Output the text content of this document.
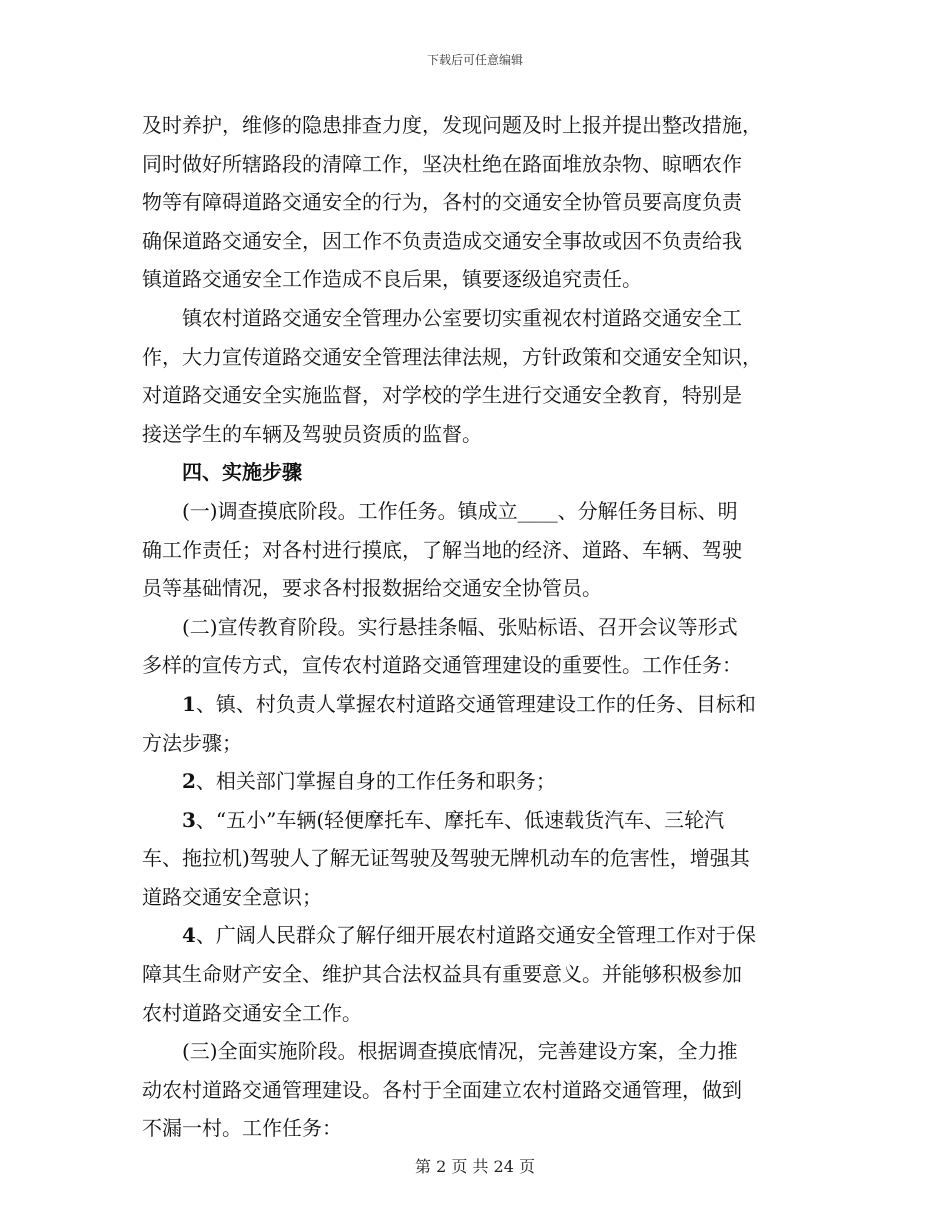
下载后可任意编辑
及时养护，维修的隐患排查力度，发现问题及时上报并提出整改措施，
同时做好所辖路段的清障工作，坚决杜绝在路面堆放杂物、晾晒农作
物等有障碍道路交通安全的行为，各村的交通安全协管员要高度负责
确保道路交通安全，因工作不负责造成交通安全事故或因不负责给我
镇道路交通安全工作造成不良后果，镇要逐级追究责任。
镇农村道路交通安全管理办公室要切实重视农村道路交通安全工
作，大力宣传道路交通安全管理法律法规，方针政策和交通安全知识，
对道路交通安全实施监督，对学校的学生进行交通安全教育，特别是
接送学生的车辆及驾驶员资质的监督。
四、实施步骤
(一)调查摸底阶段。工作任务。镇成立____、分解任务目标、明
确工作责任；对各村进行摸底，了解当地的经济、道路、车辆、驾驶
员等基础情况，要求各村报数据给交通安全协管员。
(二)宣传教育阶段。实行悬挂条幅、张贴标语、召开会议等形式
多样的宣传方式，宣传农村道路交通管理建设的重要性。工作任务：
1、镇、村负责人掌握农村道路交通管理建设工作的任务、目标和
方法步骤；
2、相关部门掌握自身的工作任务和职务；
3、“五小”车辆(轻便摩托车、摩托车、低速载货汽车、三轮汽
车、拖拉机)驾驶人了解无证驾驶及驾驶无牌机动车的危害性，增强其
道路交通安全意识；
4、广阔人民群众了解仔细开展农村道路交通安全管理工作对于保
障其生命财产安全、维护其合法权益具有重要意义。并能够积极参加
农村道路交通安全工作。
(三)全面实施阶段。根据调查摸底情况，完善建设方案，全力推
动农村道路交通管理建设。各村于全面建立农村道路交通管理，做到
不漏一村。工作任务：
第 2 页 共 24 页
